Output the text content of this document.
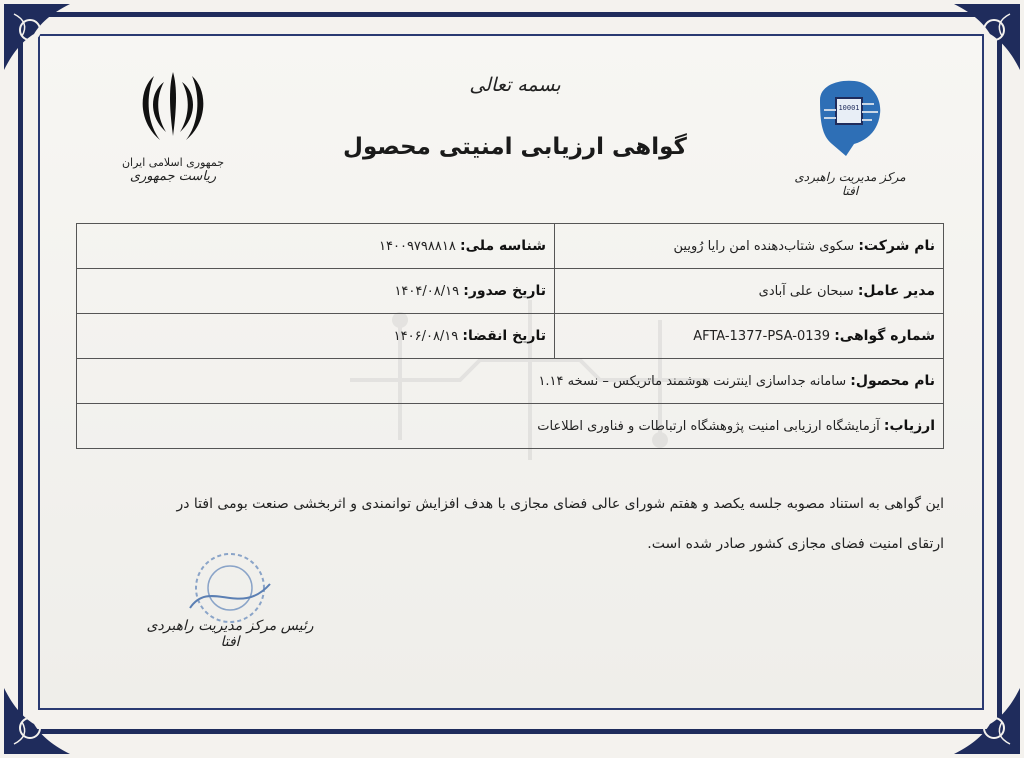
بسمه تعالی
گواهی ارزیابی امنیتی محصول
جمهوری اسلامی ایران
ریاست جمهوری
10001
مرکز مدیریت راهبردی افتا
نام شرکت: سکوی شتاب‌دهنده امن رایا رُویین	شناسه ملی: ۱۴۰۰۹۷۹۸۸۱۸
مدیر عامل: سبحان علی آبادی	تاریخ صدور: ۱۴۰۴/۰۸/۱۹
شماره گواهی: AFTA-1377-PSA-0139	تاریخ انقضا: ۱۴۰۶/۰۸/۱۹
نام محصول: سامانه جداسازی اینترنت هوشمند ماتریکس – نسخه ۱.۱۴	
ارزیاب: آزمایشگاه ارزیابی امنیت پژوهشگاه ارتباطات و فناوری اطلاعات	
این گواهی به استناد مصوبه جلسه یکصد و هفتم شورای عالی فضای مجازی با هدف افزایش توانمندی و اثربخشی صنعت بومی افتا در
ارتقای امنیت فضای مجازی کشور صادر شده است.
رئیس مرکز مدیریت راهبردی افتا
